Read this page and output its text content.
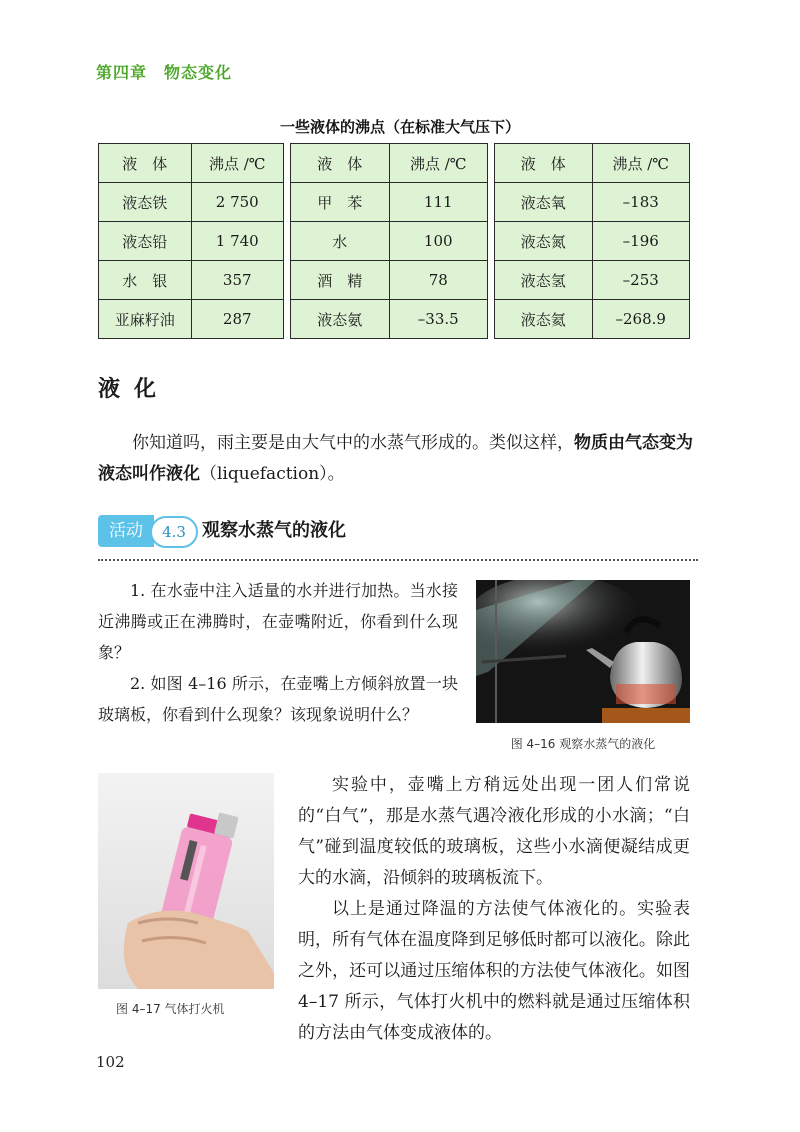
第四章　物态变化
一些液体的沸点（在标准大气压下）
液　体	沸点 /℃
液态铁	2 750
液态铅	1 740
水　银	357
亚麻籽油	287
液　体	沸点 /℃
甲　苯	111
水	100
酒　精	78
液态氨	–33.5
液　体	沸点 /℃
液态氧	–183
液态氮	–196
液态氢	–253
液态氦	–268.9
液化
你知道吗，雨主要是由大气中的水蒸气形成的。类似这样，物质由气态变为液态叫作液化（liquefaction）。
活动	4.3 观察水蒸气的液化

1. 在水壶中注入适量的水并进行加热。当水接近沸腾或正在沸腾时，在壶嘴附近，你看到什么现象？

2. 如图 4–16 所示，在壶嘴上方倾斜放置一块玻璃板，你看到什么现象？该现象说明什么？

图 4–16 观察水蒸气的液化
图 4–17 气体打火机

实验中，壶嘴上方稍远处出现一团人们常说的“白气”，那是水蒸气遇冷液化形成的小水滴；“白气”碰到温度较低的玻璃板，这些小水滴便凝结成更大的水滴，沿倾斜的玻璃板流下。

以上是通过降温的方法使气体液化的。实验表明，所有气体在温度降到足够低时都可以液化。除此之外，还可以通过压缩体积的方法使气体液化。如图 4–17 所示，气体打火机中的燃料就是通过压缩体积的方法由气体变成液体的。

102
